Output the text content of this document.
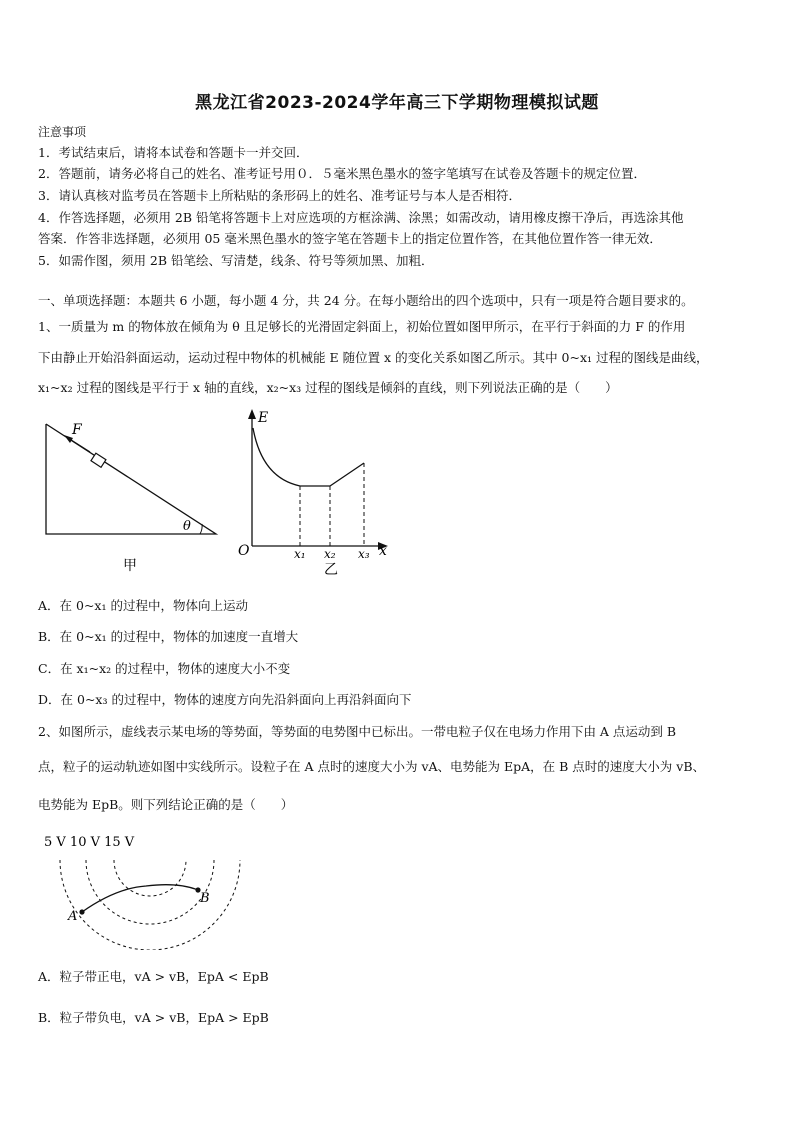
黑龙江省2023-2024学年高三下学期物理模拟试题
注意事项
1．考试结束后，请将本试卷和答题卡一并交回．
2．答题前，请务必将自己的姓名、准考证号用０．５毫米黑色墨水的签字笔填写在试卷及答题卡的规定位置．
3．请认真核对监考员在答题卡上所粘贴的条形码上的姓名、准考证号与本人是否相符．
4．作答选择题，必须用 2B 铅笔将答题卡上对应选项的方框涂满、涂黑；如需改动，请用橡皮擦干净后，再选涂其他
答案．作答非选择题，必须用 05 毫米黑色墨水的签字笔在答题卡上的指定位置作答，在其他位置作答一律无效．
5．如需作图，须用 2B 铅笔绘、写清楚，线条、符号等须加黑、加粗．
一、单项选择题：本题共 6 小题，每小题 4 分，共 24 分。在每小题给出的四个选项中，只有一项是符合题目要求的。
1、一质量为 m 的物体放在倾角为 θ 且足够长的光滑固定斜面上，初始位置如图甲所示，在平行于斜面的力 F 的作用
下由静止开始沿斜面运动，运动过程中物体的机械能 E 随位置 x 的变化关系如图乙所示。其中 0~x₁ 过程的图线是曲线，
x₁~x₂ 过程的图线是平行于 x 轴的直线，x₂~x₃ 过程的图线是倾斜的直线，则下列说法正确的是（　　）
F
θ
甲
E
O	x
x₁ x₂ x₃
乙
A．在 0~x₁ 的过程中，物体向上运动
B．在 0~x₁ 的过程中，物体的加速度一直增大
C．在 x₁~x₂ 的过程中，物体的速度大小不变
D．在 0~x₃ 的过程中，物体的速度方向先沿斜面向上再沿斜面向下
2、如图所示，虚线表示某电场的等势面，等势面的电势图中已标出。一带电粒子仅在电场力作用下由 A 点运动到 B
点，粒子的运动轨迹如图中实线所示。设粒子在 A 点时的速度大小为 vA、电势能为 EpA，在 B 点时的速度大小为 vB、
电势能为 EpB。则下列结论正确的是（　　）
5 V 10 V 15 V
A
B
A．粒子带正电，vA > vB，EpA < EpB
B．粒子带负电，vA > vB，EpA > EpB
